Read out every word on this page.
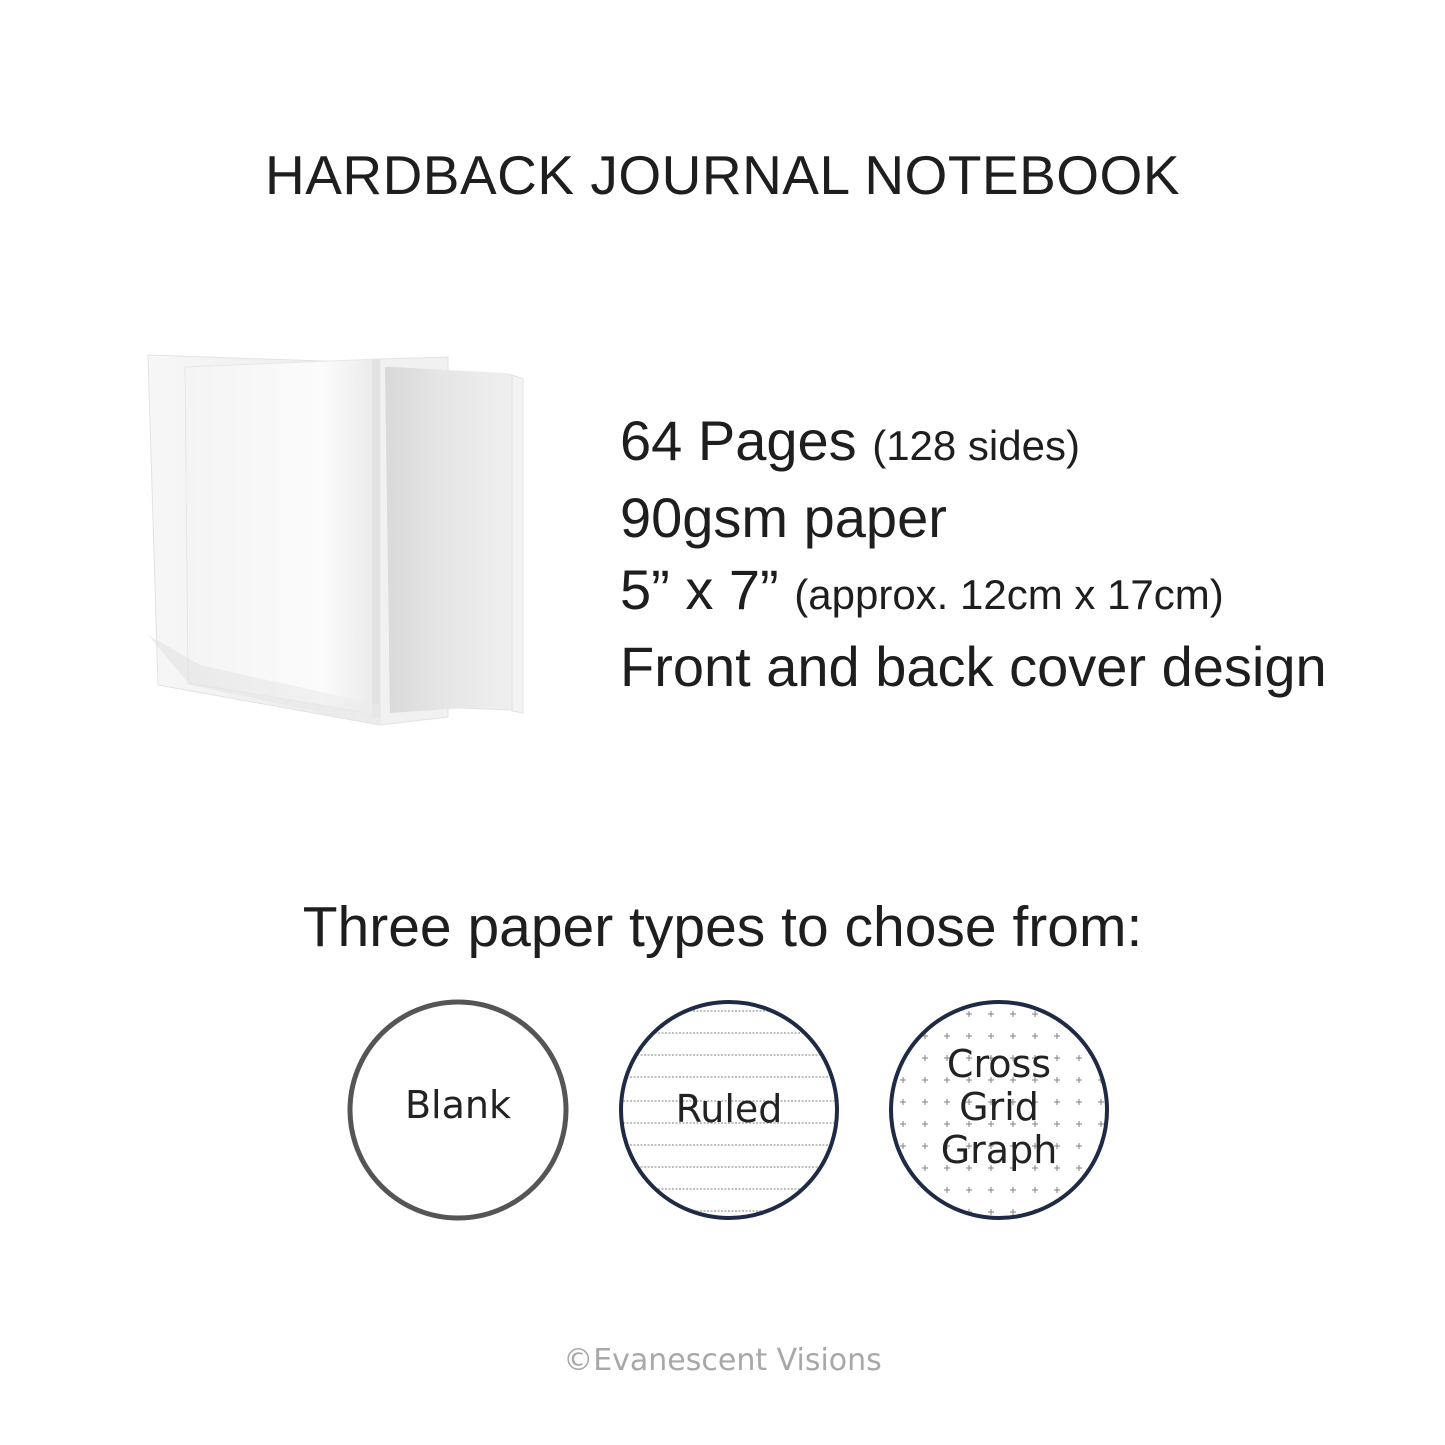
HARDBACK JOURNAL NOTEBOOK
64 Pages (128 sides)
90gsm paper
5” x 7” (approx. 12cm x 17cm)
Front and back cover design
Three paper types to chose from:
Blank	Ruled
Cross
Grid
Graph
©Evanescent Visions
